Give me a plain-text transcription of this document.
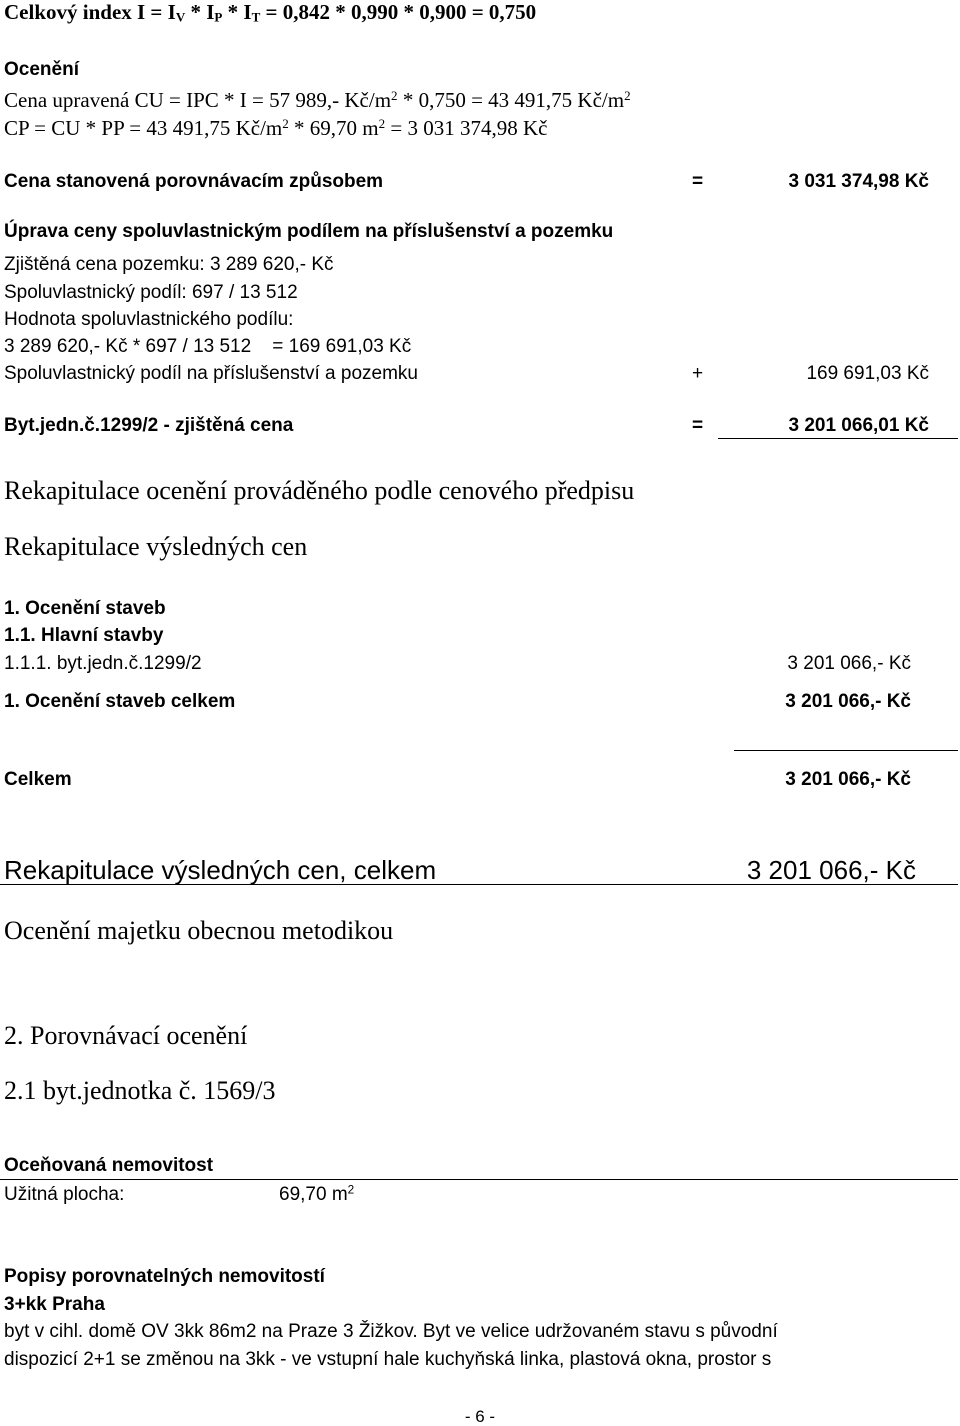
Celkový index $I = I_V * I_P * I_T = 0,842 * 0,990 * 0,900 = 0,750$
Ocenění
Cena upravená CU = IPC * I = 57 989,- $Kč/m^2 * 0,750 = 43$ 491,75 $Kč/m^2$
CP = CU * PP = 43 491,75 $Kč/m^2 * 69,70$ $m^2 = 3$ 031 374,98 Kč
Cena stanovená porovnávacím způsobem	=	3 031 374,98 Kč
Úprava ceny spoluvlastnickým podílem na příslušenství a pozemku
Zjištěná cena pozemku: 3 289 620,- Kč
Spoluvlastnický podíl: 697 / 13 512
Hodnota spoluvlastnického podílu:
3 289 620,- Kč * 697 / 13 512    = 169 691,03 Kč
Spoluvlastnický podíl na příslušenství a pozemku	+	169 691,03 Kč
Byt.jedn.č.1299/2 - zjištěná cena	=	3 201 066,01 Kč
Rekapitulace ocenění prováděného podle cenového předpisu
Rekapitulace výsledných cen
1. Ocenění staveb
1.1. Hlavní stavby
1.1.1. byt.jedn.č.1299/2	3 201 066,- Kč
1. Ocenění staveb celkem	3 201 066,- Kč
Celkem	3 201 066,- Kč
Rekapitulace výsledných cen, celkem	3 201 066,- Kč
Ocenění majetku obecnou metodikou
2. Porovnávací ocenění
2.1 byt.jednotka č. 1569/3
Oceňovaná nemovitost
Užitná plocha:	69,70 $m^2$
Popisy porovnatelných nemovitostí
3+kk Praha
byt v cihl. domě OV 3kk 86m2 na Praze 3 Žižkov. Byt ve velice udržovaném stavu s původní
dispozicí 2+1 se změnou na 3kk - ve vstupní hale kuchyňská linka, plastová okna, prostor s
- 6 -
